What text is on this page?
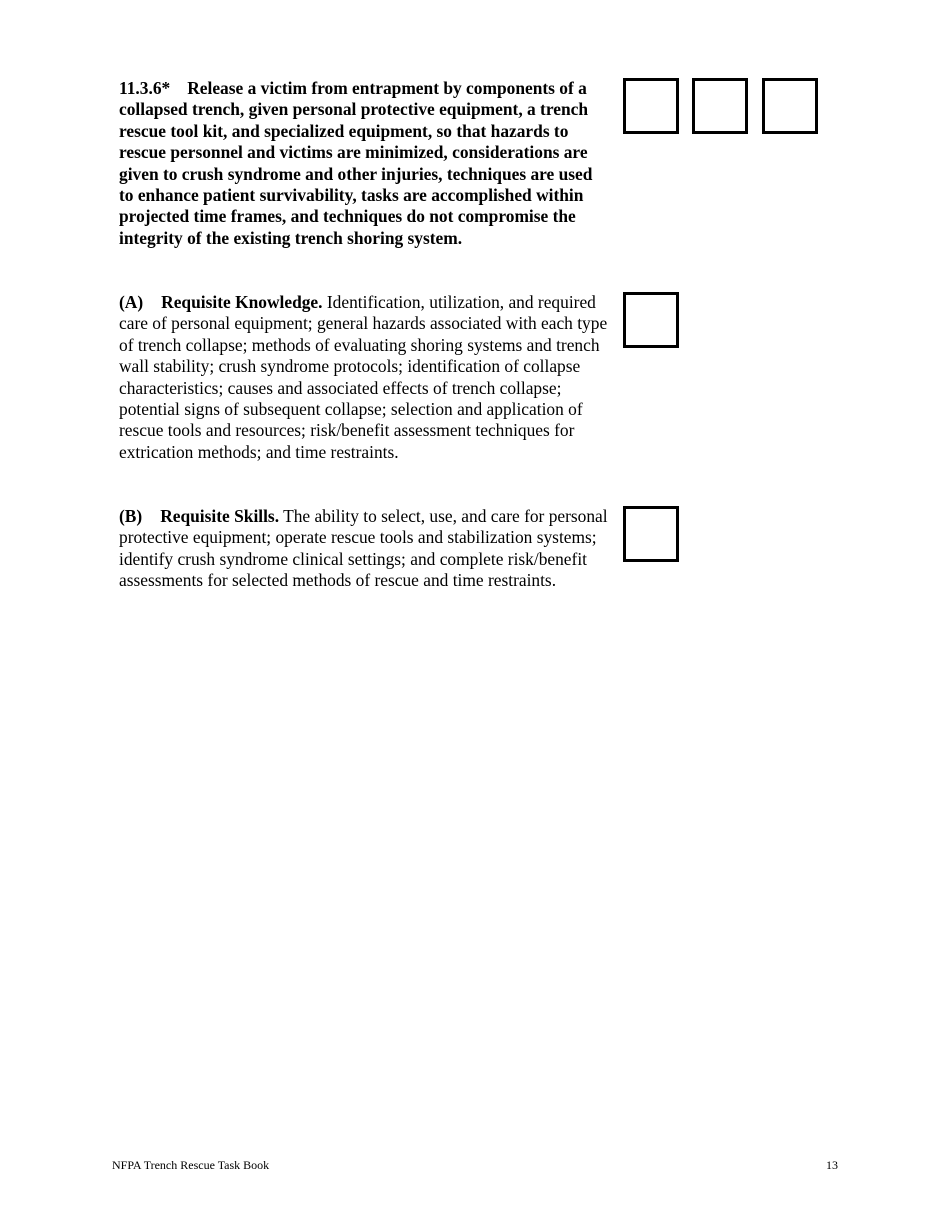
11.3.6* Release a victim from entrapment by components of a collapsed trench, given personal protective equipment, a trench rescue tool kit, and specialized equipment, so that hazards to rescue personnel and victims are minimized, considerations are given to crush syndrome and other injuries, techniques are used to enhance patient survivability, tasks are accomplished within projected time frames, and techniques do not compromise the integrity of the existing trench shoring system.

(A) Requisite Knowledge. Identification, utilization, and required care of personal equipment; general hazards associated with each type of trench collapse; methods of evaluating shoring systems and trench wall stability; crush syndrome protocols; identification of collapse characteristics; causes and associated effects of trench collapse; potential signs of subsequent collapse; selection and application of rescue tools and resources; risk/benefit assessment techniques for extrication methods; and time restraints.

(B) Requisite Skills. The ability to select, use, and care for personal protective equipment; operate rescue tools and stabilization systems; identify crush syndrome clinical settings; and complete risk/benefit assessments for selected methods of rescue and time restraints.

NFPA Trench Rescue Task Book	13
